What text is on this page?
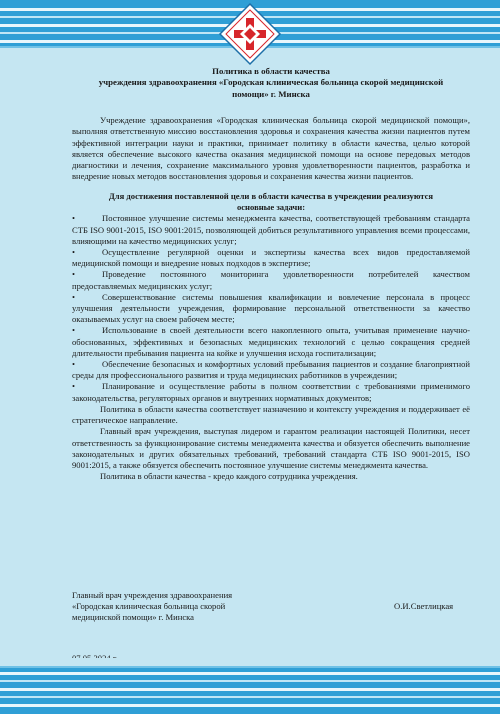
Политика в области качества
учреждения здравоохранения «Городская клиническая больница скорой медицинской
помощи» г. Минска

Учреждение здравоохранения «Городская клиническая больница скорой медицинской помощи», выполняя ответственную миссию восстановления здоровья и сохранения качества жизни пациентов путем эффективной интеграции науки и практики, принимает политику в области качества, целью которой является обеспечение высокого качества оказания медицинской помощи на основе передовых методов диагностики и лечения, сохранение максимального уровня удовлетворенности пациентов, разработка и внедрение новых методов восстановления здоровья и сохранения качества жизни пациентов.

Для достижения поставленной цели в области качества в учреждении реализуются
основные задачи:
•	Постоянное улучшение системы менеджмента качества, соответствующей требованиям стандарта СТБ ISO 9001-2015, ISO 9001:2015, позволяющей добиться результативного управления всеми процессами, влияющими на качество медицинских услуг;
•	Осуществление регулярной оценки и экспертизы качества всех видов предоставляемой медицинской помощи и внедрение новых подходов в экспертизе;
•	Проведение постоянного мониторинга удовлетворенности потребителей качеством предоставляемых медицинских услуг;
•	Совершенствование системы повышения квалификации и вовлечение персонала в процесс улучшения деятельности учреждения, формирование персональной ответственности за качество оказываемых услуг на своем рабочем месте;
•	Использование в своей деятельности всего накопленного опыта, учитывая применение научно-обоснованных, эффективных и безопасных медицинских технологий с целью сокращения средней длительности пребывания пациента на койке и улучшения исхода госпитализации;
•	Обеспечение безопасных и комфортных условий пребывания пациентов и создание благоприятной среды для профессионального развития и труда медицинских работников в учреждении;
•	Планирование и осуществление работы в полном соответствии с требованиями применимого законодательства, регуляторных органов и внутренних нормативных документов;

Политика в области качества соответствует назначению и контексту учреждения и поддерживает её стратегическое направление.

Главный врач учреждения, выступая лидером и гарантом реализации настоящей Политики, несет ответственность за функционирование системы менеджмента качества и обязуется обеспечить выполнение законодательных и других обязательных требований, требований стандарта СТБ ISO 9001-2015, ISO 9001:2015, а также обязуется обеспечить постоянное улучшение системы менеджмента качества.

Политика в области качества - кредо каждого сотрудника учреждения.

Главный врач учреждения здравоохранения
«Городская клиническая больница скорой
медицинской помощи» г. Минска
О.И.Светлицкая
